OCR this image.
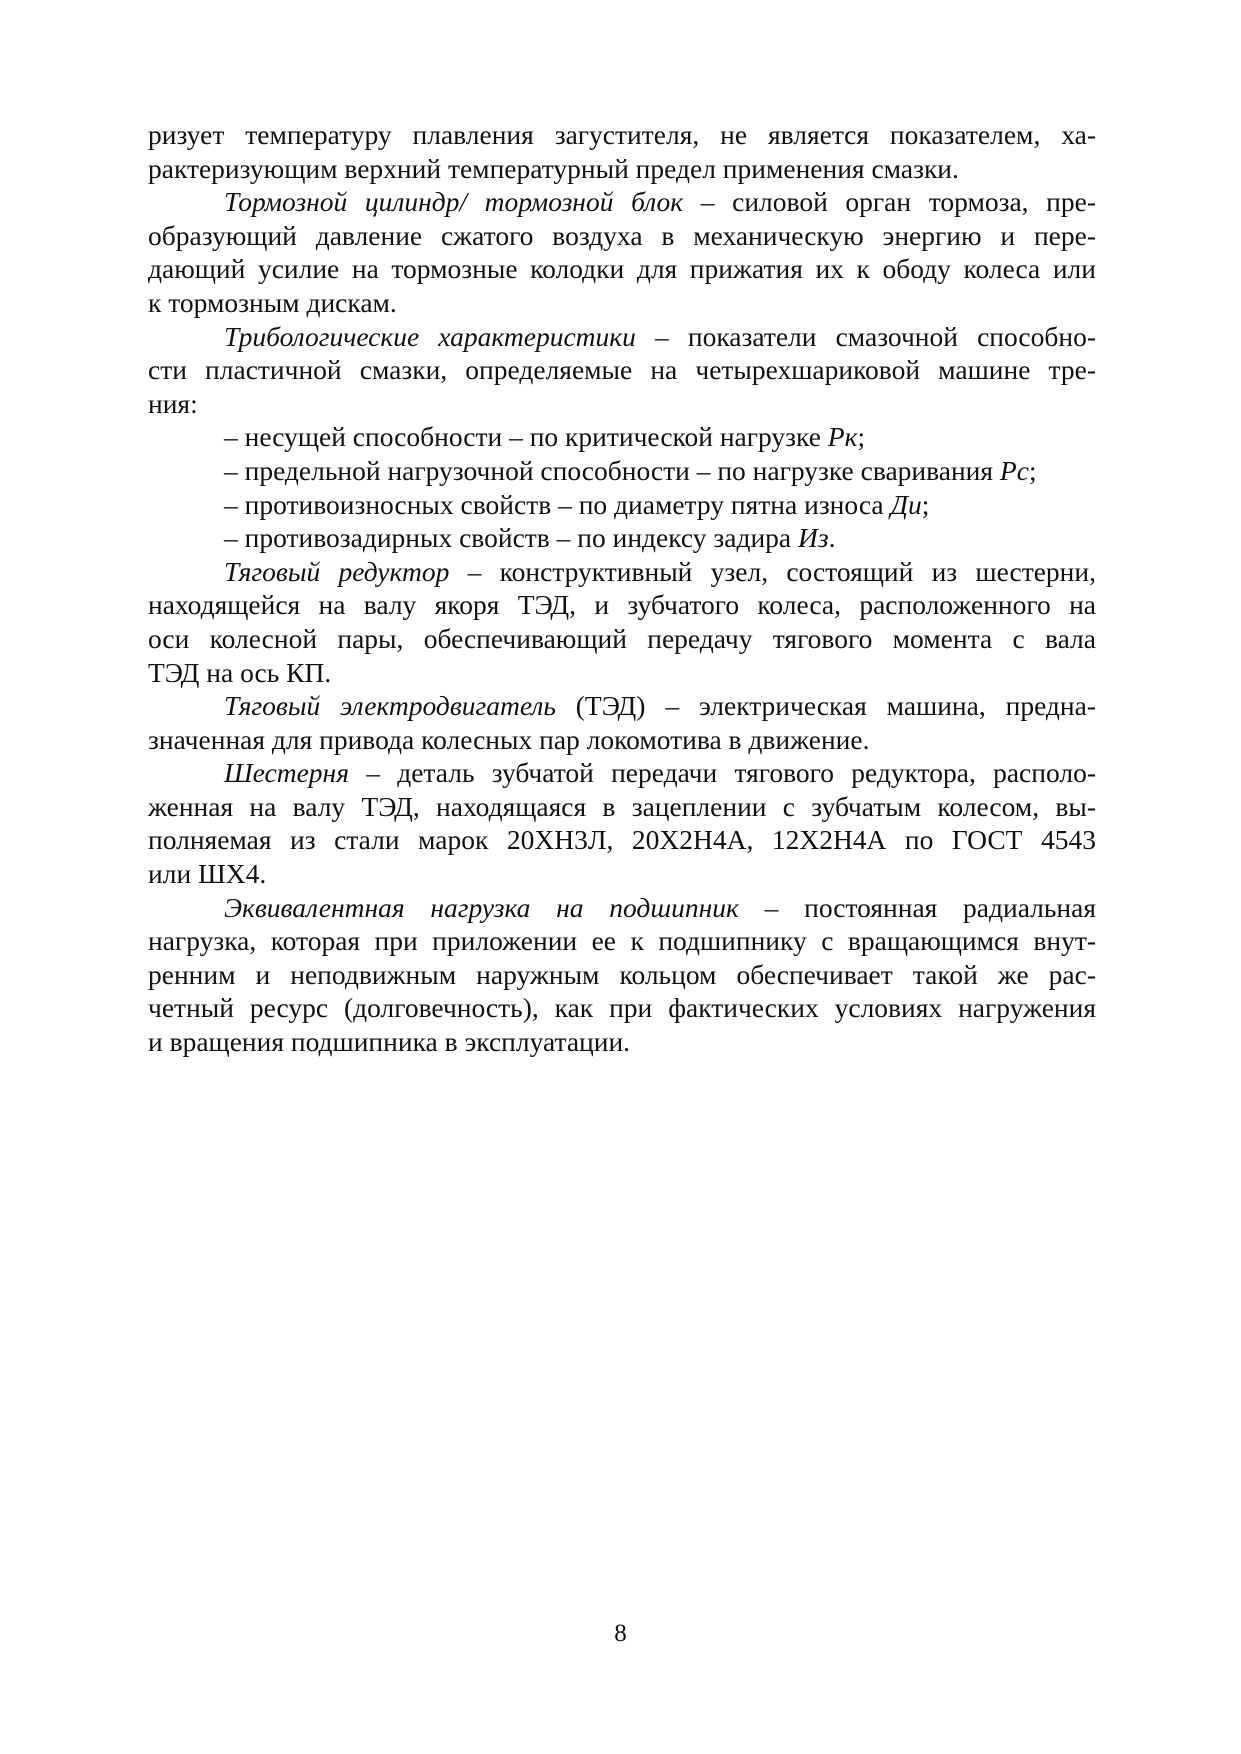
ризует температуру плавления загустителя, не является показателем, ха-
рактеризующим верхний температурный предел применения смазки.
Тормозной цилиндр/ тормозной блок – силовой орган тормоза, пре-
образующий давление сжатого воздуха в механическую энергию и пере-
дающий усилие на тормозные колодки для прижатия их к ободу колеса или
к тормозным дискам.
Трибологические характеристики – показатели смазочной способно-
сти пластичной смазки, определяемые на четырехшариковой машине тре-
ния:
– несущей способности – по критической нагрузке Рк;
– предельной нагрузочной способности – по нагрузке сваривания Рс;
– противоизносных свойств – по диаметру пятна износа Ди;
– противозадирных свойств – по индексу задира Из.
Тяговый редуктор – конструктивный узел, состоящий из шестерни,
находящейся на валу якоря ТЭД, и зубчатого колеса, расположенного на
оси колесной пары, обеспечивающий передачу тягового момента с вала
ТЭД на ось КП.
Тяговый электродвигатель (ТЭД) – электрическая машина, предна-
значенная для привода колесных пар локомотива в движение.
Шестерня – деталь зубчатой передачи тягового редуктора, располо-
женная на валу ТЭД, находящаяся в зацеплении с зубчатым колесом, вы-
полняемая из стали марок 20ХН3Л, 20Х2Н4А, 12Х2Н4А по ГОСТ 4543
или ШХ4.
Эквивалентная нагрузка на подшипник – постоянная радиальная
нагрузка, которая при приложении ее к подшипнику с вращающимся внут-
ренним и неподвижным наружным кольцом обеспечивает такой же рас-
четный ресурс (долговечность), как при фактических условиях нагружения
и вращения подшипника в эксплуатации.
8
